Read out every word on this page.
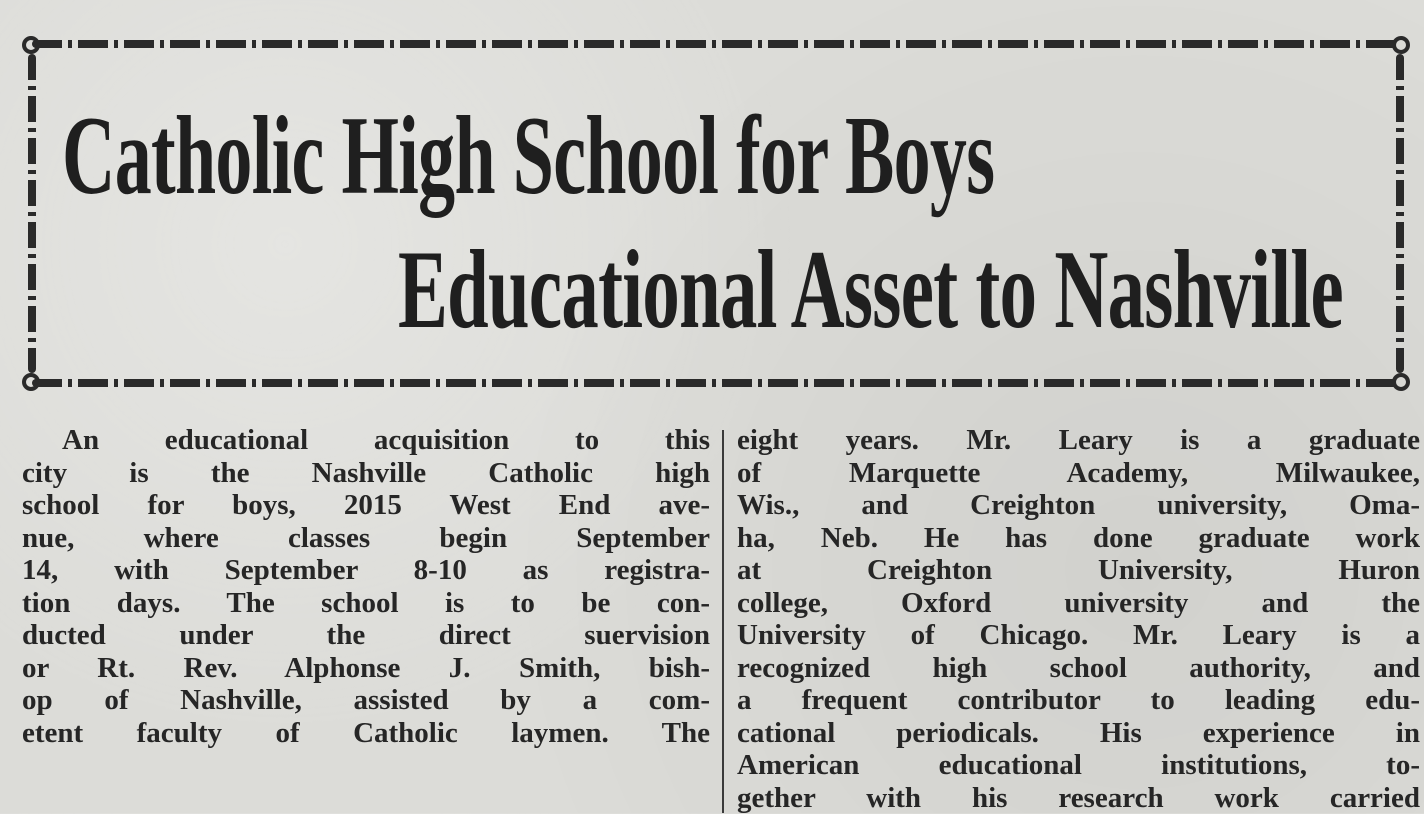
Catholic High School for Boys
Educational Asset to Nashville
An educational acquisition to this
city is the Nashville Catholic high
school for boys, 2015 West End ave-
nue, where classes begin September
14, with September 8-10 as registra-
tion days. The school is to be con-
ducted under the direct suervision
or Rt. Rev. Alphonse J. Smith, bish-
op of Nashville, assisted by a com-
etent faculty of Catholic laymen. The
eight years. Mr. Leary is a graduate
of Marquette Academy, Milwaukee,
Wis., and Creighton university, Oma-
ha, Neb. He has done graduate work
at Creighton University, Huron
college, Oxford university and the
University of Chicago. Mr. Leary is a
recognized high school authority, and
a frequent contributor to leading edu-
cational periodicals. His experience in
American educational institutions, to-
gether with his research work carried
